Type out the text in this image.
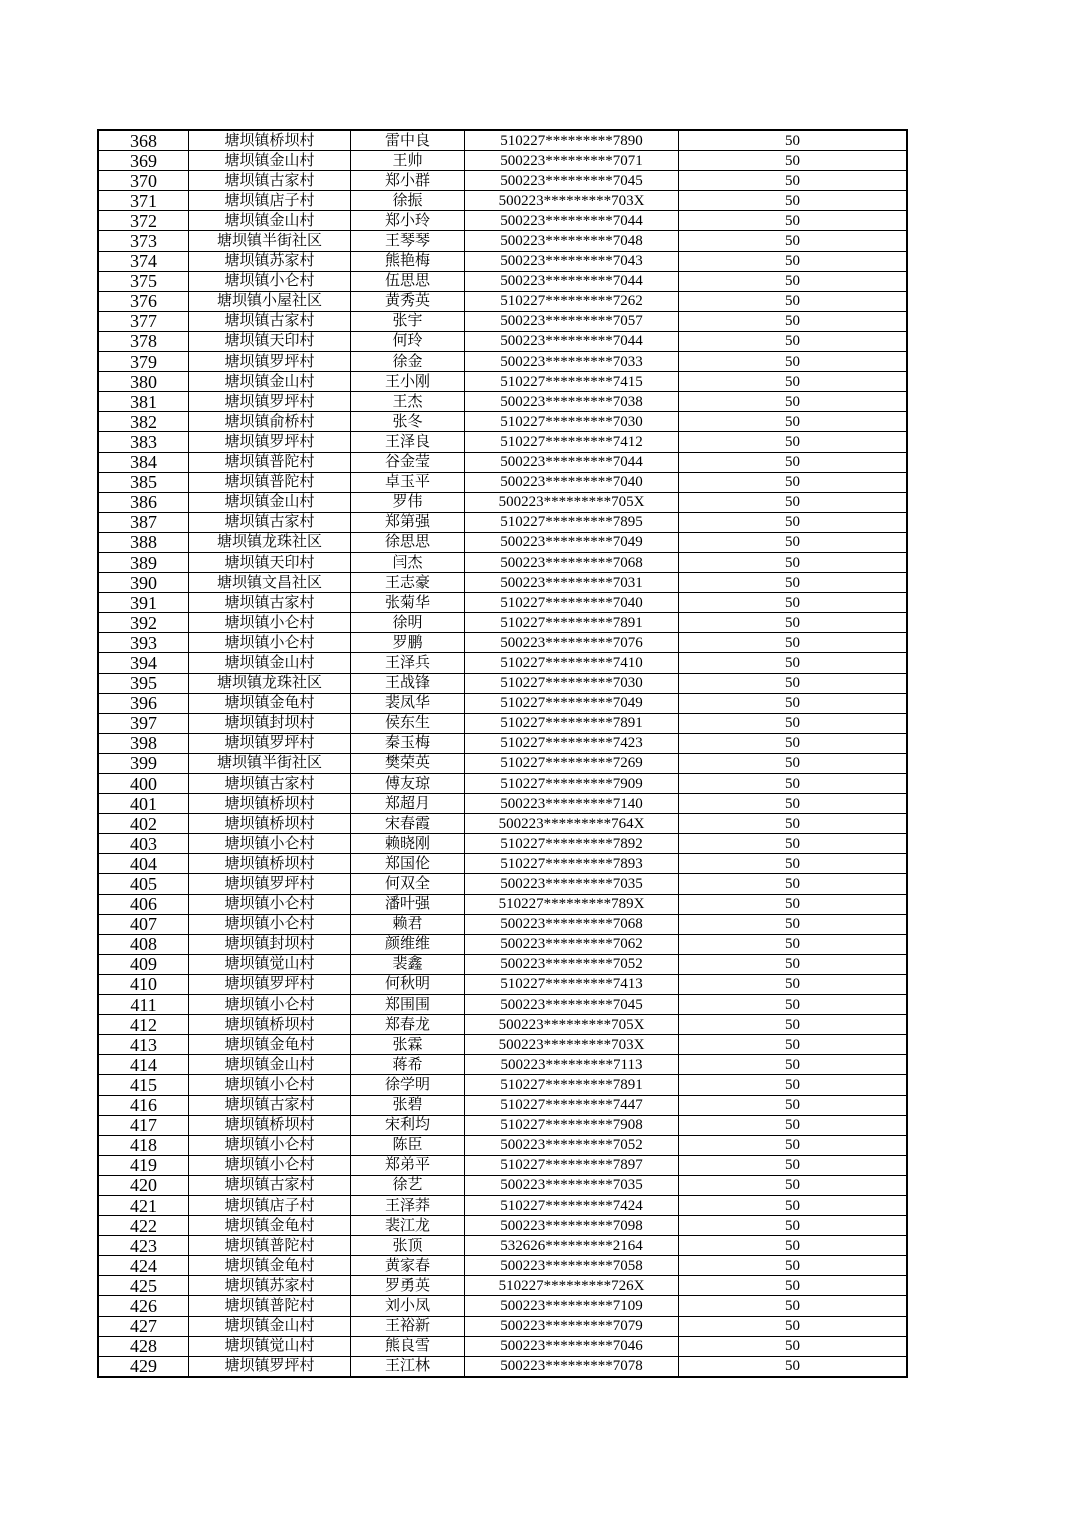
368	塘坝镇桥坝村	雷中良	510227*********7890	50
369	塘坝镇金山村	王帅	500223*********7071	50
370	塘坝镇古家村	郑小群	500223*********7045	50
371	塘坝镇店子村	徐振	500223*********703X	50
372	塘坝镇金山村	郑小玲	500223*********7044	50
373	塘坝镇半街社区	王琴琴	500223*********7048	50
374	塘坝镇苏家村	熊艳梅	500223*********7043	50
375	塘坝镇小仑村	伍思思	500223*********7044	50
376	塘坝镇小屋社区	黄秀英	510227*********7262	50
377	塘坝镇古家村	张宇	500223*********7057	50
378	塘坝镇天印村	何玲	500223*********7044	50
379	塘坝镇罗坪村	徐金	500223*********7033	50
380	塘坝镇金山村	王小刚	510227*********7415	50
381	塘坝镇罗坪村	王杰	500223*********7038	50
382	塘坝镇俞桥村	张冬	510227*********7030	50
383	塘坝镇罗坪村	王泽良	510227*********7412	50
384	塘坝镇普陀村	谷金莹	500223*********7044	50
385	塘坝镇普陀村	卓玉平	500223*********7040	50
386	塘坝镇金山村	罗伟	500223*********705X	50
387	塘坝镇古家村	郑第强	510227*********7895	50
388	塘坝镇龙珠社区	徐思思	500223*********7049	50
389	塘坝镇天印村	闫杰	500223*********7068	50
390	塘坝镇文昌社区	王志豪	500223*********7031	50
391	塘坝镇古家村	张菊华	510227*********7040	50
392	塘坝镇小仑村	徐明	510227*********7891	50
393	塘坝镇小仑村	罗鹏	500223*********7076	50
394	塘坝镇金山村	王泽兵	510227*********7410	50
395	塘坝镇龙珠社区	王战锋	510227*********7030	50
396	塘坝镇金龟村	裴凤华	510227*********7049	50
397	塘坝镇封坝村	侯东生	510227*********7891	50
398	塘坝镇罗坪村	秦玉梅	510227*********7423	50
399	塘坝镇半街社区	樊荣英	510227*********7269	50
400	塘坝镇古家村	傅友琼	510227*********7909	50
401	塘坝镇桥坝村	郑超月	500223*********7140	50
402	塘坝镇桥坝村	宋春霞	500223*********764X	50
403	塘坝镇小仑村	赖晓刚	510227*********7892	50
404	塘坝镇桥坝村	郑国伦	510227*********7893	50
405	塘坝镇罗坪村	何双全	500223*********7035	50
406	塘坝镇小仑村	潘叶强	510227*********789X	50
407	塘坝镇小仑村	赖君	500223*********7068	50
408	塘坝镇封坝村	颜维维	500223*********7062	50
409	塘坝镇觉山村	裴鑫	500223*********7052	50
410	塘坝镇罗坪村	何秋明	510227*********7413	50
411	塘坝镇小仑村	郑围围	500223*********7045	50
412	塘坝镇桥坝村	郑春龙	500223*********705X	50
413	塘坝镇金龟村	张霖	500223*********703X	50
414	塘坝镇金山村	蒋希	500223*********7113	50
415	塘坝镇小仑村	徐学明	510227*********7891	50
416	塘坝镇古家村	张碧	510227*********7447	50
417	塘坝镇桥坝村	宋利均	510227*********7908	50
418	塘坝镇小仑村	陈臣	500223*********7052	50
419	塘坝镇小仑村	郑弟平	510227*********7897	50
420	塘坝镇古家村	徐艺	500223*********7035	50
421	塘坝镇店子村	王泽莽	510227*********7424	50
422	塘坝镇金龟村	裴江龙	500223*********7098	50
423	塘坝镇普陀村	张顶	532626*********2164	50
424	塘坝镇金龟村	黄家春	500223*********7058	50
425	塘坝镇苏家村	罗勇英	510227*********726X	50
426	塘坝镇普陀村	刘小凤	500223*********7109	50
427	塘坝镇金山村	王裕新	500223*********7079	50
428	塘坝镇觉山村	熊良雪	500223*********7046	50
429	塘坝镇罗坪村	王江林	500223*********7078	50
